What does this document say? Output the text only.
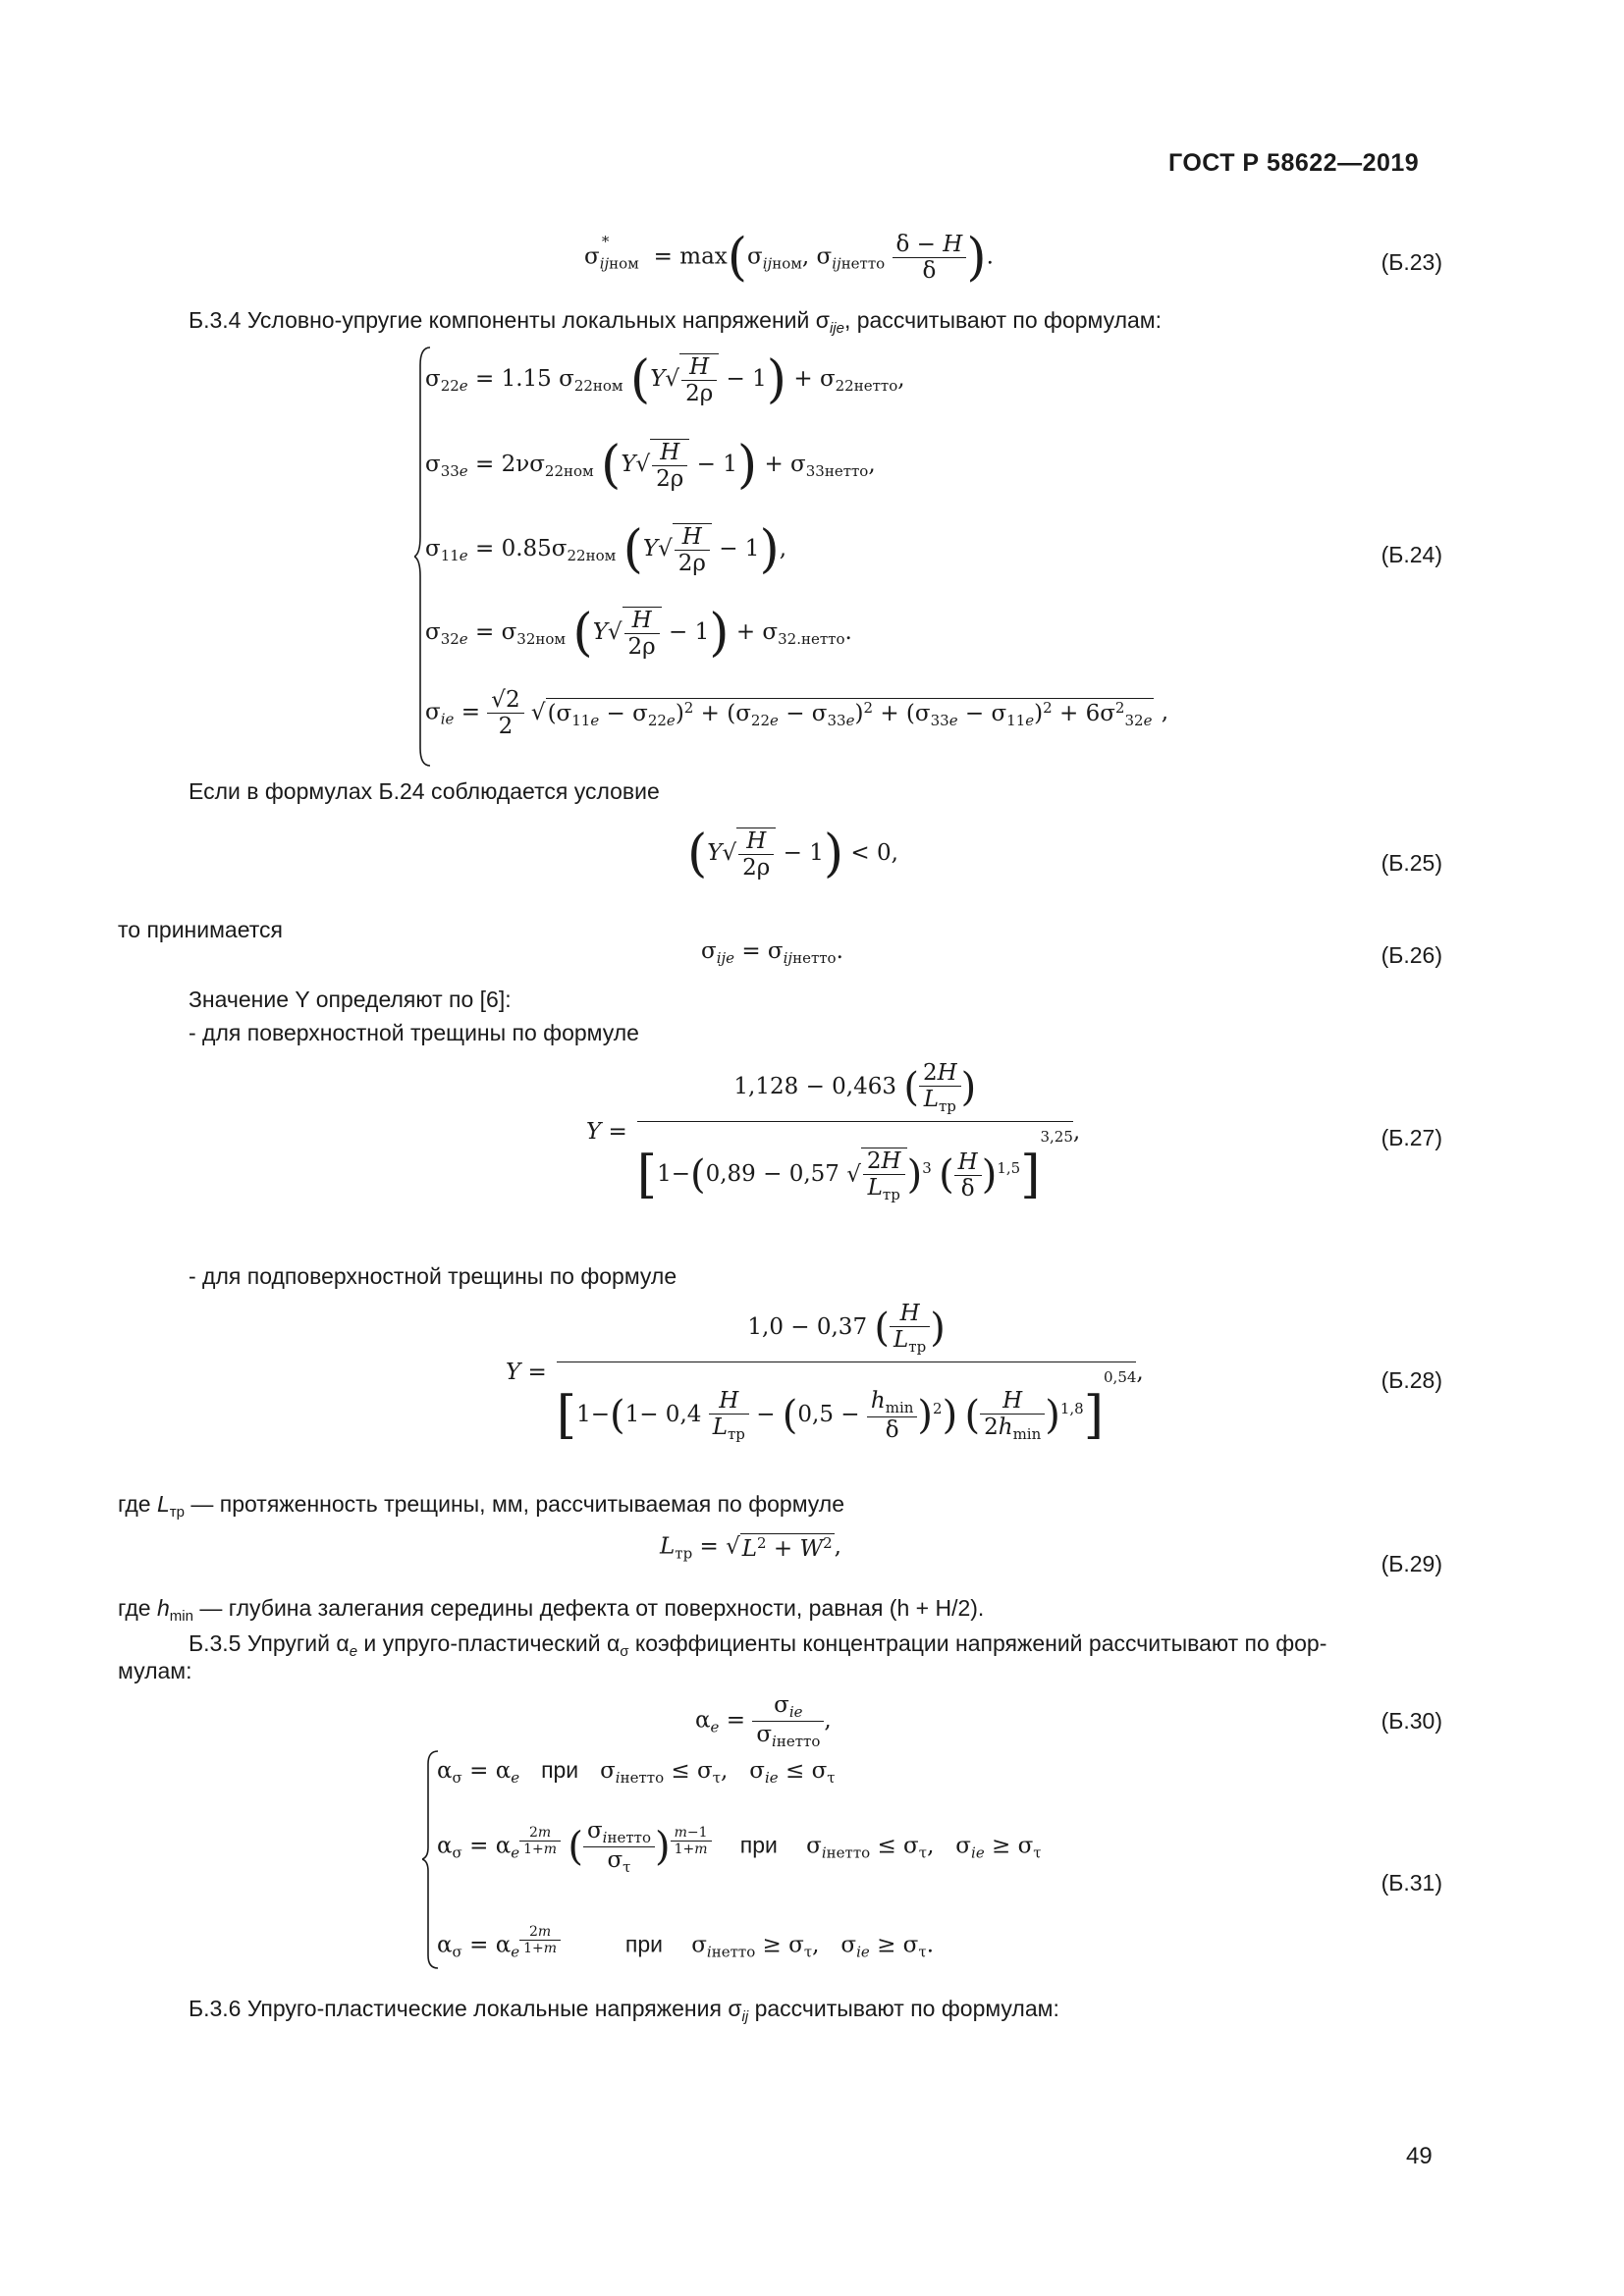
ГОСТ Р 58622—2019
$\sigma_{ijном}^* = \max(\sigma_{ijном}$, $\sigma_{ijнетто} \frac{\delta - H}{\delta}$ ).	(Б.23)
Б.3.4 Условно-упругие компоненты локальных напряжений $\sigma_{ije}$, рассчитывают по формулам:
$\sigma_{22e} = 1.15$ $\sigma_{22ном}$ $(Y√ \frac{H}{2\rho} - 1) + \sigma_{22нетто}$,
$\sigma_{33e} = 2\nu\sigma_{22ном}$ $(Y√ \frac{H}{2\rho} - 1) + \sigma_{33нетто}$,
$\sigma_{11e} = 0.85\sigma_{22ном}$ $(Y√ \frac{H}{2\rho} - 1)$,	(Б.24)
$\sigma_{32e} = \sigma_{32ном}$ $(Y√ \frac{H}{2\rho} - 1) + \sigma_{32.нетто}$.
$\sigma_{ie} = \frac{√2}{2} √(\sigma_{11e} - \sigma_{22e})^2 + (\sigma_{22e} - \sigma_{33e})^2 + (\sigma_{33e} - \sigma_{11e})^2 + 6\sigma^2_{32e}$ ,
Если в формулах Б.24 соблюдается условие
$(Y√ \frac{H}{2\rho} - 1) < 0$,	(Б.25)
то принимается
$\sigma_{ije} = \sigma_{ijнетто}$.	(Б.26)
Значение Y определяют по [6]:
- для поверхностной трещины по формуле
Y =
1,128 − 0,463 ( $\frac{2H}{L_{тр}}$ )
[1−(0,89 − 0,57 √ $\frac{2H}{L_{тр}} )^3$ ( $\frac{H}{\delta} )^{1,5}]^{3,25}$ ,	(Б.27)
- для подповерхностной трещины по формуле
Y =
1,0 − 0,37 ( $\frac{H}{L_{тр}}$ )
[$1-(1- 0,4 \frac{H}{L_{тр}} - (0,5 - \frac{h_{min}}{\delta} )^2)$ ( $\frac{H}{2h_{min}} )^{1,8}]^{0,54}$ ,	(Б.28)
где $L_{тр}$ — протяженность трещины, мм, рассчитываемая по формуле
$L_{тр} = √L^2 + W^2$,
(Б.29)
где $h_{min}$ — глубина залегания середины дефекта от поверхности, равная (h + H/2).
Б.3.5 Упругий $\alpha_e$ и упруго-пластический $\alpha_\sigma$ коэффициенты концентрации напряжений рассчитывают по фор-
мулам:
$\alpha_e = \frac{\sigma_{ie}}{\sigma_{iнетто}}$ ,	(Б.30)
$\alpha_\sigma = \alpha_e$ при   $\sigma_{iнетто} \le \sigma_\tau$,   $\sigma_{ie} \le \sigma_\tau$
$\alpha_\sigma = \alpha_e$ $^{\frac{2m}{1+m}}$ ( $\frac{\sigma_{iнетто}}{\sigma_\tau}$ ) $^{\frac{m-1}{1+m}}$ при    $\sigma_{iнетто} \le \sigma_\tau$,   $\sigma_{ie} \ge \sigma_\tau$
(Б.31)
$\alpha_\sigma = \alpha_e$ $^{\frac{2m}{1+m}}$	при    $\sigma_{iнетто} \ge \sigma_\tau$,   $\sigma_{ie} \ge \sigma_\tau$.
Б.3.6 Упруго-пластические локальные напряжения $\sigma_{ij}$ рассчитывают по формулам:
49
